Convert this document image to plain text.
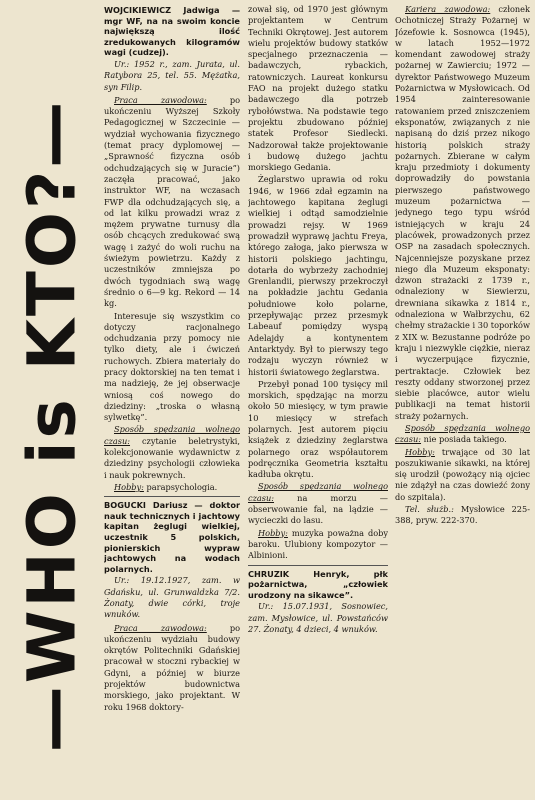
—WHO is KTO?—

WOJCIKIEWICZ Jadwiga — mgr WF, na na swoim koncie największą ilość zredukowanych kilogramów wagi (cudzej).

Ur.: 1952 r., zam. Jurata, ul. Ratybora 25, tel. 55. Mężatka, syn Filip.

Praca zawodowa:	po ukończeniu Wyższej Szkoły Pedagogicznej w Szczecinie — wydział wychowania fizycznego (temat pracy dyplomowej — „Sprawność fizyczna osób odchudzających się w Juracie”) zaczęła pracować, jako instruktor WF, na wczasach FWP dla odchudzających się, a od lat kilku prowadzi wraz z mężem prywatne turnusy dla osób chcących zredukować swą wagę i zażyć do woli ruchu na świeżym powietrzu. Każdy z uczestników zmniejsza po dwóch tygodniach swą wagę średnio o 6—9 kg. Rekord — 14 kg.

Interesuje się wszystkim co dotyczy racjonalnego odchudzania przy pomocy nie tylko diety, ale i ćwiczeń ruchowych. Zbiera materiały do pracy doktorskiej na ten temat i ma nadzieję, że jej obserwacje wniosą coś nowego do dziedziny: „troska o własną sylwetkę”.

Sposób spędzania wolnego czasu: czytanie beletrystyki, kolekcjonowanie wydawnictw z dziedziny psychologii człowieka i nauk pokrewnych.

Hobby: parapsychologia.

BOGUCKI Dariusz — doktor nauk technicznych i jachtowy kapitan żeglugi wielkiej, uczestnik 5 polskich, pionierskich wypraw jachtowych na wodach polarnych.

Ur.: 19.12.1927, zam. w Gdańsku, ul. Grunwaldzka 7/2. Żonaty, dwie córki, troje wnuków.

Praca zawodowa:	po ukończeniu wydziału budowy okrętów Politechniki Gdańskiej pracował w stoczni rybackiej w Gdyni, a później w biurze projektów budownictwa morskiego, jako projektant. W roku 1968 doktory-

zował się, od 1970 jest głównym projektantem w Centrum Techniki Okrętowej. Jest autorem wielu projektów budowy statków specjalnego przeznaczenia — badawczych, rybackich, ratowniczych. Laureat konkursu FAO na projekt dużego statku badawczego dla potrzeb rybołówstwa. Na podstawie tego projektu zbudowano później statek Profesor Siedlecki. Nadzorował także projektowanie i budowę dużego jachtu morskiego Gedania.

Żeglarstwo uprawia od roku 1946, w 1966 zdał egzamin na jachtowego kapitana żeglugi wielkiej i odtąd samodzielnie prowadzi rejsy. W 1969 prowadził wyprawę jachtu Freya, którego załoga, jako pierwsza w historii polskiego jachtingu, dotarła do wybrzeży zachodniej Grenlandii, pierwszy przekroczył na pokładzie jachtu Gedania południowe koło polarne, przepływając przez przesmyk Labeauf pomiędzy wyspą Adelajdy a kontynentem Antarktydy. Był to pierwszy tego rodzaju wyczyn również w historii światowego żeglarstwa.

Przebył ponad 100 tysięcy mil morskich, spędzając na morzu około 50 miesięcy, w tym prawie 10 miesięcy w strefach polarnych. Jest autorem pięciu książek z dziedziny żeglarstwa polarnego oraz współautorem podręcznika Geometria kształtu kadłuba okrętu.

Sposób spędzania wolnego czasu:	na morzu — obserwowanie fal, na lądzie — wycieczki do lasu.

Hobby: muzyka poważna doby baroku. Ulubiony kompozytor — Albinioni.

CHRUZIK Henryk, płk pożarnictwa, „człowiek urodzony na sikawce”.

Ur.: 15.07.1931, Sosnowiec, zam. Mysłowice, ul. Powstańców 27. Żonaty, 4 dzieci, 4 wnuków.

Kariera zawodowa: członek Ochotniczej Straży Pożarnej w Józefowie k. Sosnowca (1945), w latach 1952—1972 komendant zawodowej straży pożarnej w Zawierciu; 1972 — dyrektor Państwowego Muzeum Pożarnictwa w Mysłowicach. Od 1954 zainteresowanie ratowaniem przed zniszczeniem eksponatów, związanych z nie napisaną do dziś przez nikogo historią polskich straży pożarnych. Zbierane w całym kraju przedmioty i dokumenty doprowadziły do powstania pierwszego państwowego muzeum pożarnictwa — jedynego tego typu wśród istniejących w kraju 24 placówek, prowadzonych przez OSP na zasadach społecznych. Najcenniejsze pozyskane przez niego dla Muzeum eksponaty: dzwon strażacki z 1739 r., odnaleziony w Siewierzu, drewniana sikawka z 1814 r., odnaleziona w Wałbrzychu, 62 chełmy strażackie i 30 toporków z XIX w. Bezustanne podróże po kraju i niezwykle ciężkie, nieraz i wyczerpujące fizycznie, pertraktacje. Człowiek bez reszty oddany stworzonej przez siebie placówce, autor wielu publikacji na temat historii straży pożarnych.

Sposób spędzania wolnego czasu: nie posiada takiego.

Hobby: trwające od 30 lat poszukiwanie sikawki, na której się urodził (powożący nią ojciec nie zdążył na czas dowieźć żony do szpitala).

Tel. służb.: Mysłowice 225-388, pryw. 222-370.
